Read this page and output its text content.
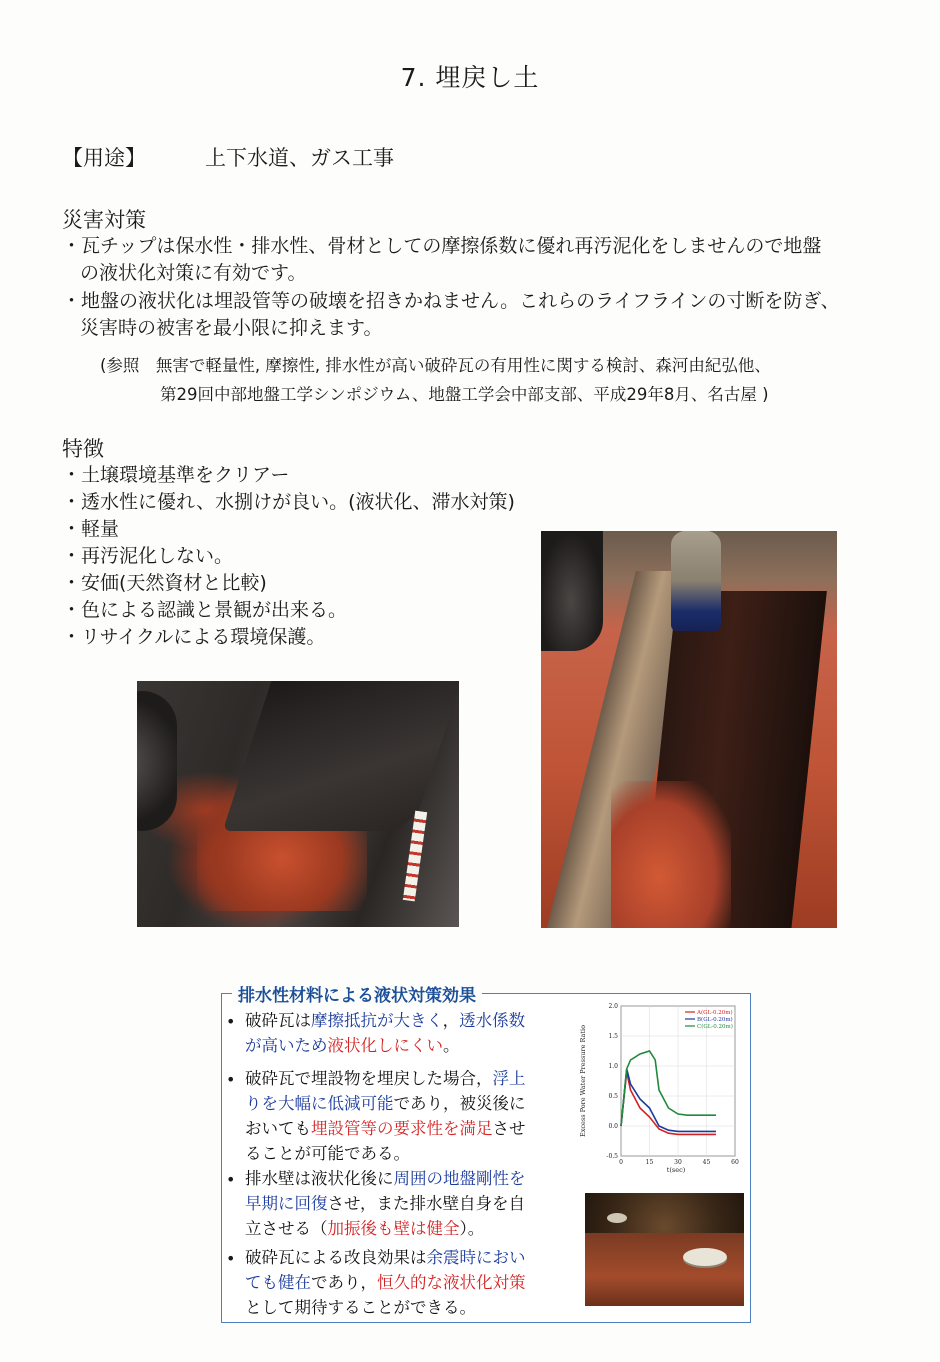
7. 埋戻し土
【用途】	上下水道、ガス工事
災害対策
・瓦チップは保水性・排水性、骨材としての摩擦係数に優れ再汚泥化をしませんので地盤
の液状化対策に有効です。
・地盤の液状化は埋設管等の破壊を招きかねません。これらのライフラインの寸断を防ぎ、
災害時の被害を最小限に抑えます。
(参照　無害で軽量性, 摩擦性, 排水性が高い破砕瓦の有用性に関する検討、森河由紀弘他、
第29回中部地盤工学シンポジウム、地盤工学会中部支部、平成29年8月、名古屋 )
特徴
・土壌環境基準をクリアー
・透水性に優れ、水捌けが良い。(液状化、滞水対策)
・軽量
・再汚泥化しない。
・安価(天然資材と比較)
・色による認識と景観が出来る。
・リサイクルによる環境保護。
排水性材料による液状対策効果
• 破砕瓦は摩擦抵抗が大きく，透水係数
が高いため液状化しにくい。
• 破砕瓦で埋設物を埋戻した場合，浮上
りを大幅に低減可能であり，被災後に
おいても埋設管等の要求性を満足させ
ることが可能である。
• 排水壁は液状化後に周囲の地盤剛性を
早期に回復させ，また排水壁自身を自
立させる（加振後も壁は健全）。
• 破砕瓦による改良効果は余震時におい
ても健在であり，恒久的な液状化対策
として期待することができる。
-0.5
0.0
0.5
1.0
1.5
2.0
0	15	30	45	60
A(GL-0.20m)
B(GL-0.20m)
C(GL-0.20m)
Excess Pore Water Pressure Ratio
t(sec)
